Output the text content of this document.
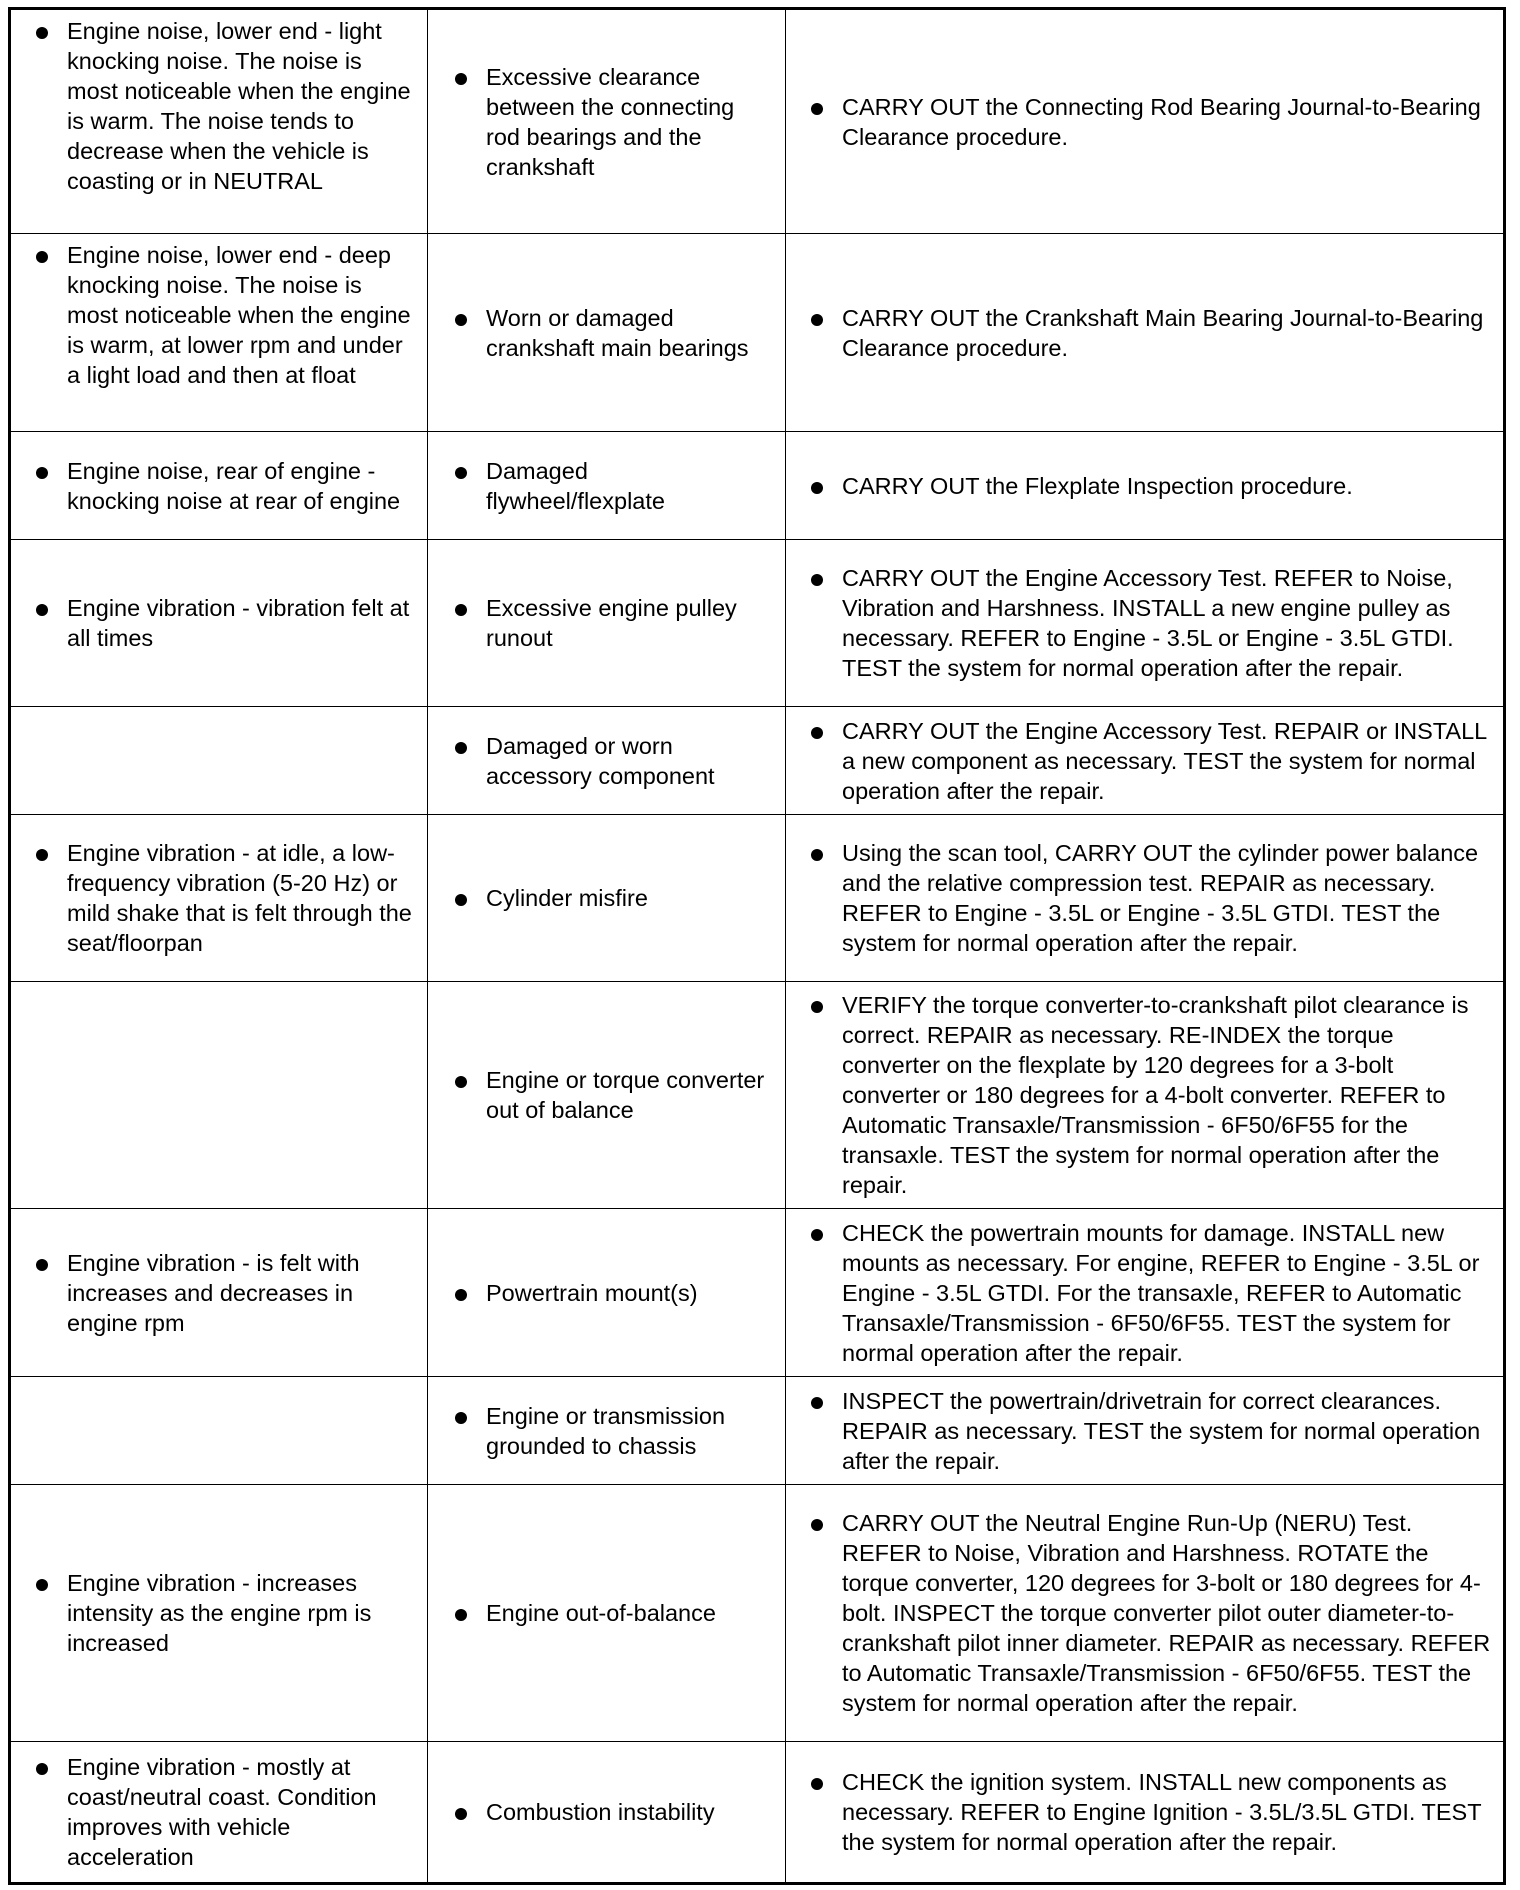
Engine noise, lower end - light knocking noise. The noise is most noticeable when the engine is warm. The noise tends to decrease when the vehicle is coasting or in NEUTRAL	Excessive clearance between the connecting rod bearings and the crankshaft	CARRY OUT the Connecting Rod Bearing Journal-to-Bearing Clearance procedure.

Engine noise, lower end - deep knocking noise. The noise is most noticeable when the engine is warm, at lower rpm and under a light load and then at float	Worn or damaged crankshaft main bearings	CARRY OUT the Crankshaft Main Bearing Journal-to-Bearing Clearance procedure.

Engine noise, rear of engine - knocking noise at rear of engine	Damaged flywheel/flexplate	CARRY OUT the Flexplate Inspection procedure.

Engine vibration - vibration felt at all times	Excessive engine pulley runout	CARRY OUT the Engine Accessory Test. REFER to Noise, Vibration and Harshness. INSTALL a new engine pulley as necessary. REFER to Engine - 3.5L or Engine - 3.5L GTDI. TEST the system for normal operation after the repair.

	Damaged or worn accessory component	CARRY OUT the Engine Accessory Test. REPAIR or INSTALL a new component as necessary. TEST the system for normal operation after the repair.

Engine vibration - at idle, a low-frequency vibration (5-20 Hz) or mild shake that is felt through the seat/floorpan	Cylinder misfire	Using the scan tool, CARRY OUT the cylinder power balance and the relative compression test. REPAIR as necessary. REFER to Engine - 3.5L or Engine - 3.5L GTDI. TEST the system for normal operation after the repair.

	Engine or torque converter out of balance	VERIFY the torque converter-to-crankshaft pilot clearance is correct. REPAIR as necessary. RE-INDEX the torque converter on the flexplate by 120 degrees for a 3-bolt converter or 180 degrees for a 4-bolt converter. REFER to Automatic Transaxle/Transmission - 6F50/6F55 for the transaxle. TEST the system for normal operation after the repair.

Engine vibration - is felt with increases and decreases in engine rpm	Powertrain mount(s)	CHECK the powertrain mounts for damage. INSTALL new mounts as necessary. For engine, REFER to Engine - 3.5L or Engine - 3.5L GTDI. For the transaxle, REFER to Automatic Transaxle/Transmission - 6F50/6F55. TEST the system for normal operation after the repair.

	Engine or transmission grounded to chassis	INSPECT the powertrain/drivetrain for correct clearances. REPAIR as necessary. TEST the system for normal operation after the repair.

Engine vibration - increases intensity as the engine rpm is increased	Engine out-of-balance	CARRY OUT the Neutral Engine Run-Up (NERU) Test. REFER to Noise, Vibration and Harshness. ROTATE the torque converter, 120 degrees for 3-bolt or 180 degrees for 4-bolt. INSPECT the torque converter pilot outer diameter-to-crankshaft pilot inner diameter. REPAIR as necessary. REFER to Automatic Transaxle/Transmission - 6F50/6F55. TEST the system for normal operation after the repair.

Engine vibration - mostly at coast/neutral coast. Condition improves with vehicle acceleration	Combustion instability	CHECK the ignition system. INSTALL new components as necessary. REFER to Engine Ignition - 3.5L/3.5L GTDI. TEST the system for normal operation after the repair.
